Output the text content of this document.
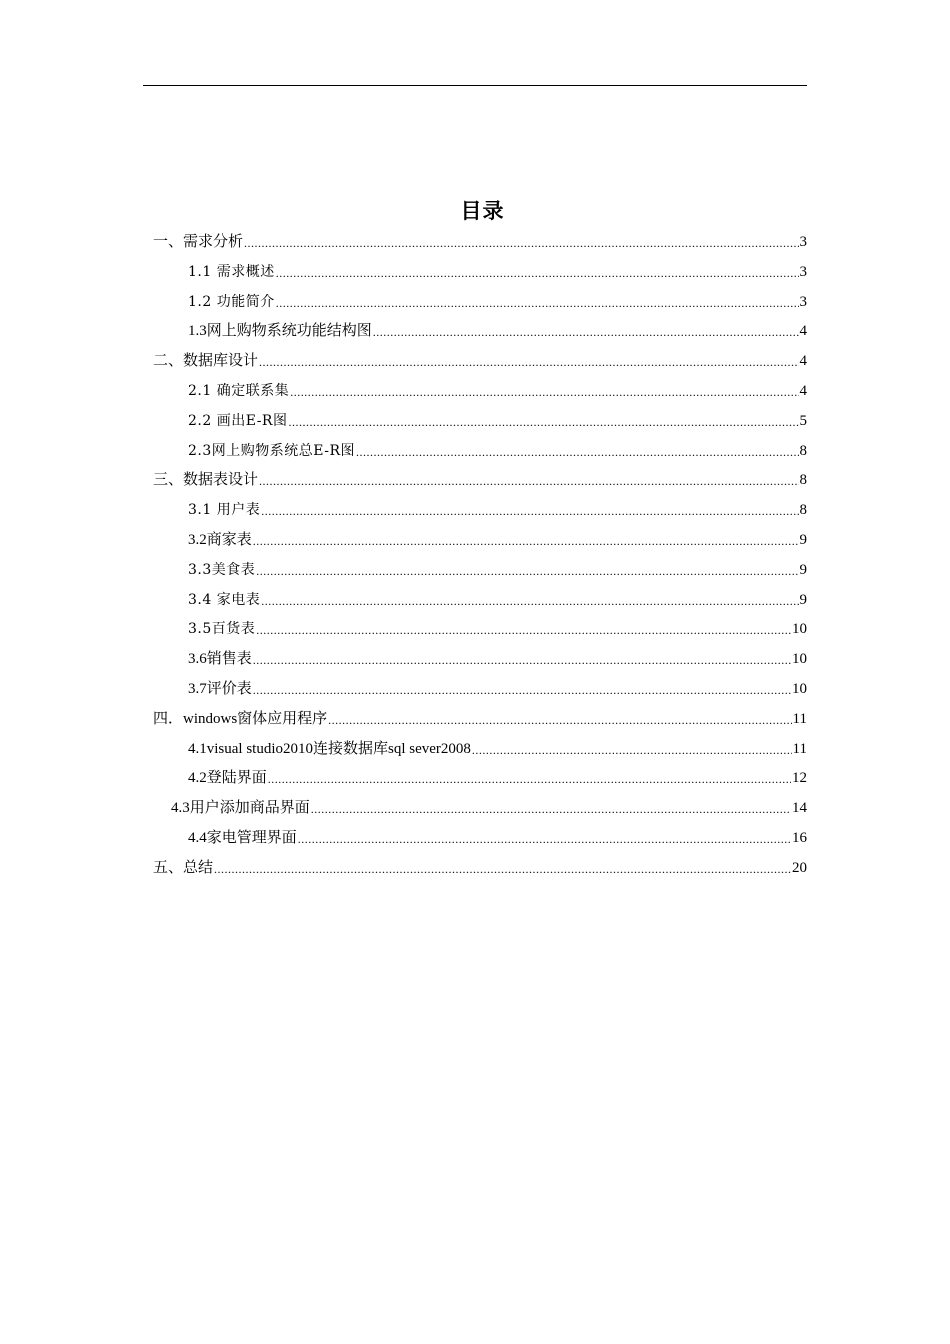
目录
一、需求分析 .....	3
1.1 需求概述 .....	3
1.2 功能简介 .....	3
1.3网上购物系统功能结构图 .....	4
二、数据库设计 .....	4
2.1 确定联系集 .....	4
2.2 画出E-R图 .....	5
2.3网上购物系统总E-R图 .....	8
三、数据表设计 .....	8
3.1 用户表 .....	8
3.2商家表 .....	9
3.3美食表 .....	9
3.4 家电表 .....	9
3.5百货表 .....	10
3.6销售表 .....	10
3.7评价表 .....	10
四．windows窗体应用程序 .....	11
4.1visual studio2010连接数据库sql sever2008 .....	11
4.2登陆界面 .....	12
4.3用户添加商品界面 .....	14
4.4家电管理界面 .....	16
五、总结 .....	20
